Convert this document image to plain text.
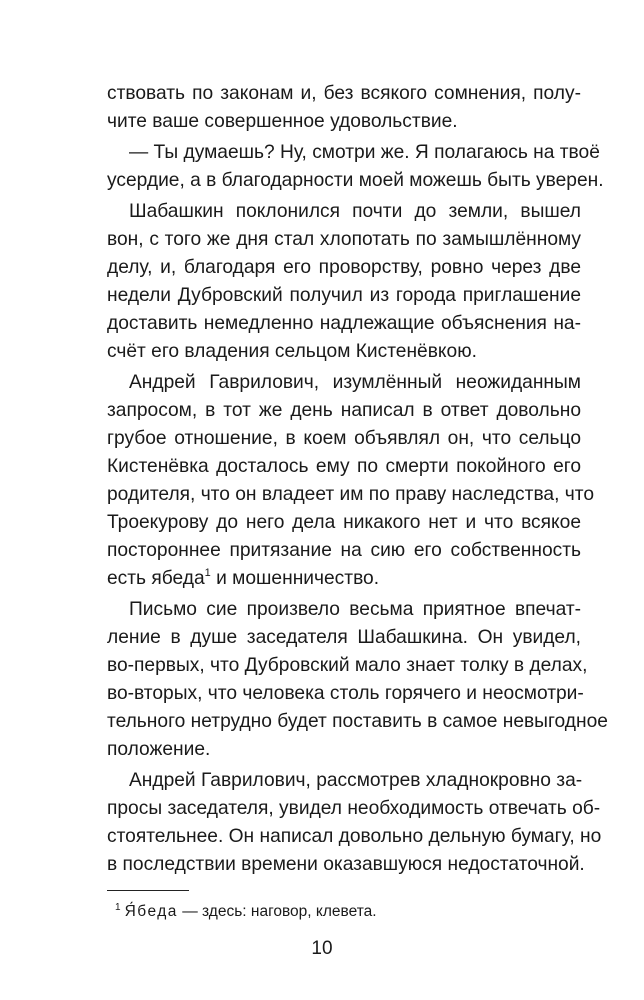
ствовать по законам и, без всякого сомнения, полу-
чите ваше совершенное удовольствие.
— Ты думаешь? Ну, смотри же. Я полагаюсь на твоё
усердие, а в благодарности моей можешь быть уверен.
Шабашкин поклонился почти до земли, вышел
вон, с того же дня стал хлопотать по замышлённому
делу, и, благодаря его проворству, ровно через две
недели Дубровский получил из города приглашение
доставить немедленно надлежащие объяснения на-
счёт его владения сельцом Кистенёвкою.
Андрей Гаврилович, изумлённый неожиданным
запросом, в тот же день написал в ответ довольно
грубое отношение, в коем объявлял он, что сельцо
Кистенёвка досталось ему по смерти покойного его
родителя, что он владеет им по праву наследства, что
Троекурову до него дела никакого нет и что всякое
постороннее притязание на сию его собственность
есть ябеда$^1$ и мошенничество.
Письмо сие произвело весьма приятное впечат-
ление в душе заседателя Шабашкина. Он увидел,
во-первых, что Дубровский мало знает толку в делах,
во-вторых, что человека столь горячего и неосмотри-
тельного нетрудно будет поставить в самое невыгодное
положение.
Андрей Гаврилович, рассмотрев хладнокровно за-
просы заседателя, увидел необходимость отвечать об-
стоятельнее. Он написал довольно дельную бумагу, но
в последствии времени оказавшуюся недостаточной.
$^1$ Я́беда — здесь: наговор, клевета.
10
